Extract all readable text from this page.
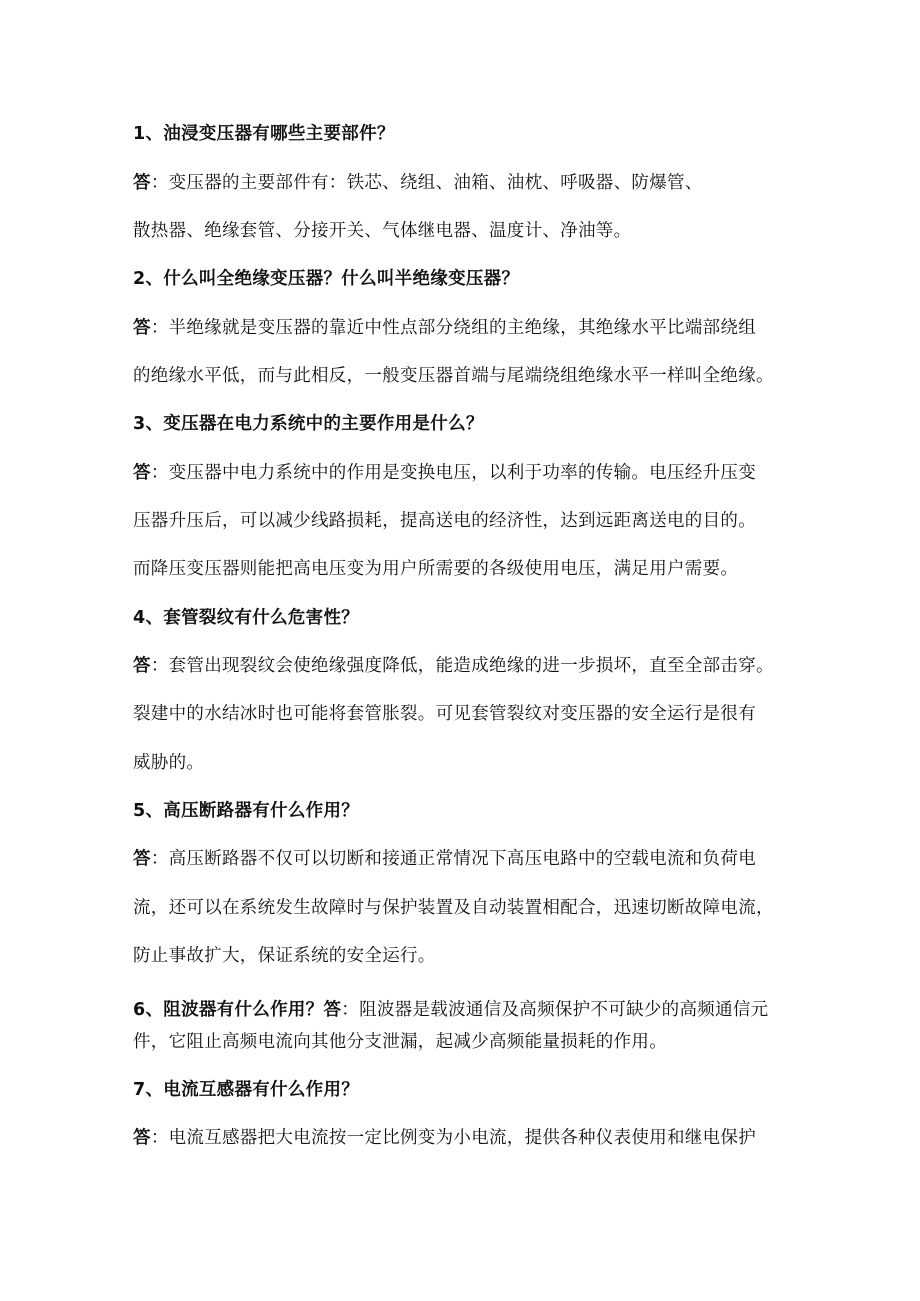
1、油浸变压器有哪些主要部件？
答：变压器的主要部件有：铁芯、绕组、油箱、油枕、呼吸器、防爆管、
散热器、绝缘套管、分接开关、气体继电器、温度计、净油等。
2、什么叫全绝缘变压器？什么叫半绝缘变压器？
答：半绝缘就是变压器的靠近中性点部分绕组的主绝缘，其绝缘水平比端部绕组
的绝缘水平低，而与此相反，一般变压器首端与尾端绕组绝缘水平一样叫全绝缘。
3、变压器在电力系统中的主要作用是什么？
答：变压器中电力系统中的作用是变换电压，以利于功率的传输。电压经升压变
压器升压后，可以减少线路损耗，提高送电的经济性，达到远距离送电的目的。
而降压变压器则能把高电压变为用户所需要的各级使用电压，满足用户需要。
4、套管裂纹有什么危害性？
答：套管出现裂纹会使绝缘强度降低，能造成绝缘的进一步损坏，直至全部击穿。
裂建中的水结冰时也可能将套管胀裂。可见套管裂纹对变压器的安全运行是很有
威胁的。
5、高压断路器有什么作用？
答：高压断路器不仅可以切断和接通正常情况下高压电路中的空载电流和负荷电
流，还可以在系统发生故障时与保护装置及自动装置相配合，迅速切断故障电流，
防止事故扩大，保证系统的安全运行。
6、阻波器有什么作用？答：阻波器是载波通信及高频保护不可缺少的高频通信元
件，它阻止高频电流向其他分支泄漏，起减少高频能量损耗的作用。
7、电流互感器有什么作用？
答：电流互感器把大电流按一定比例变为小电流，提供各种仪表使用和继电保护
